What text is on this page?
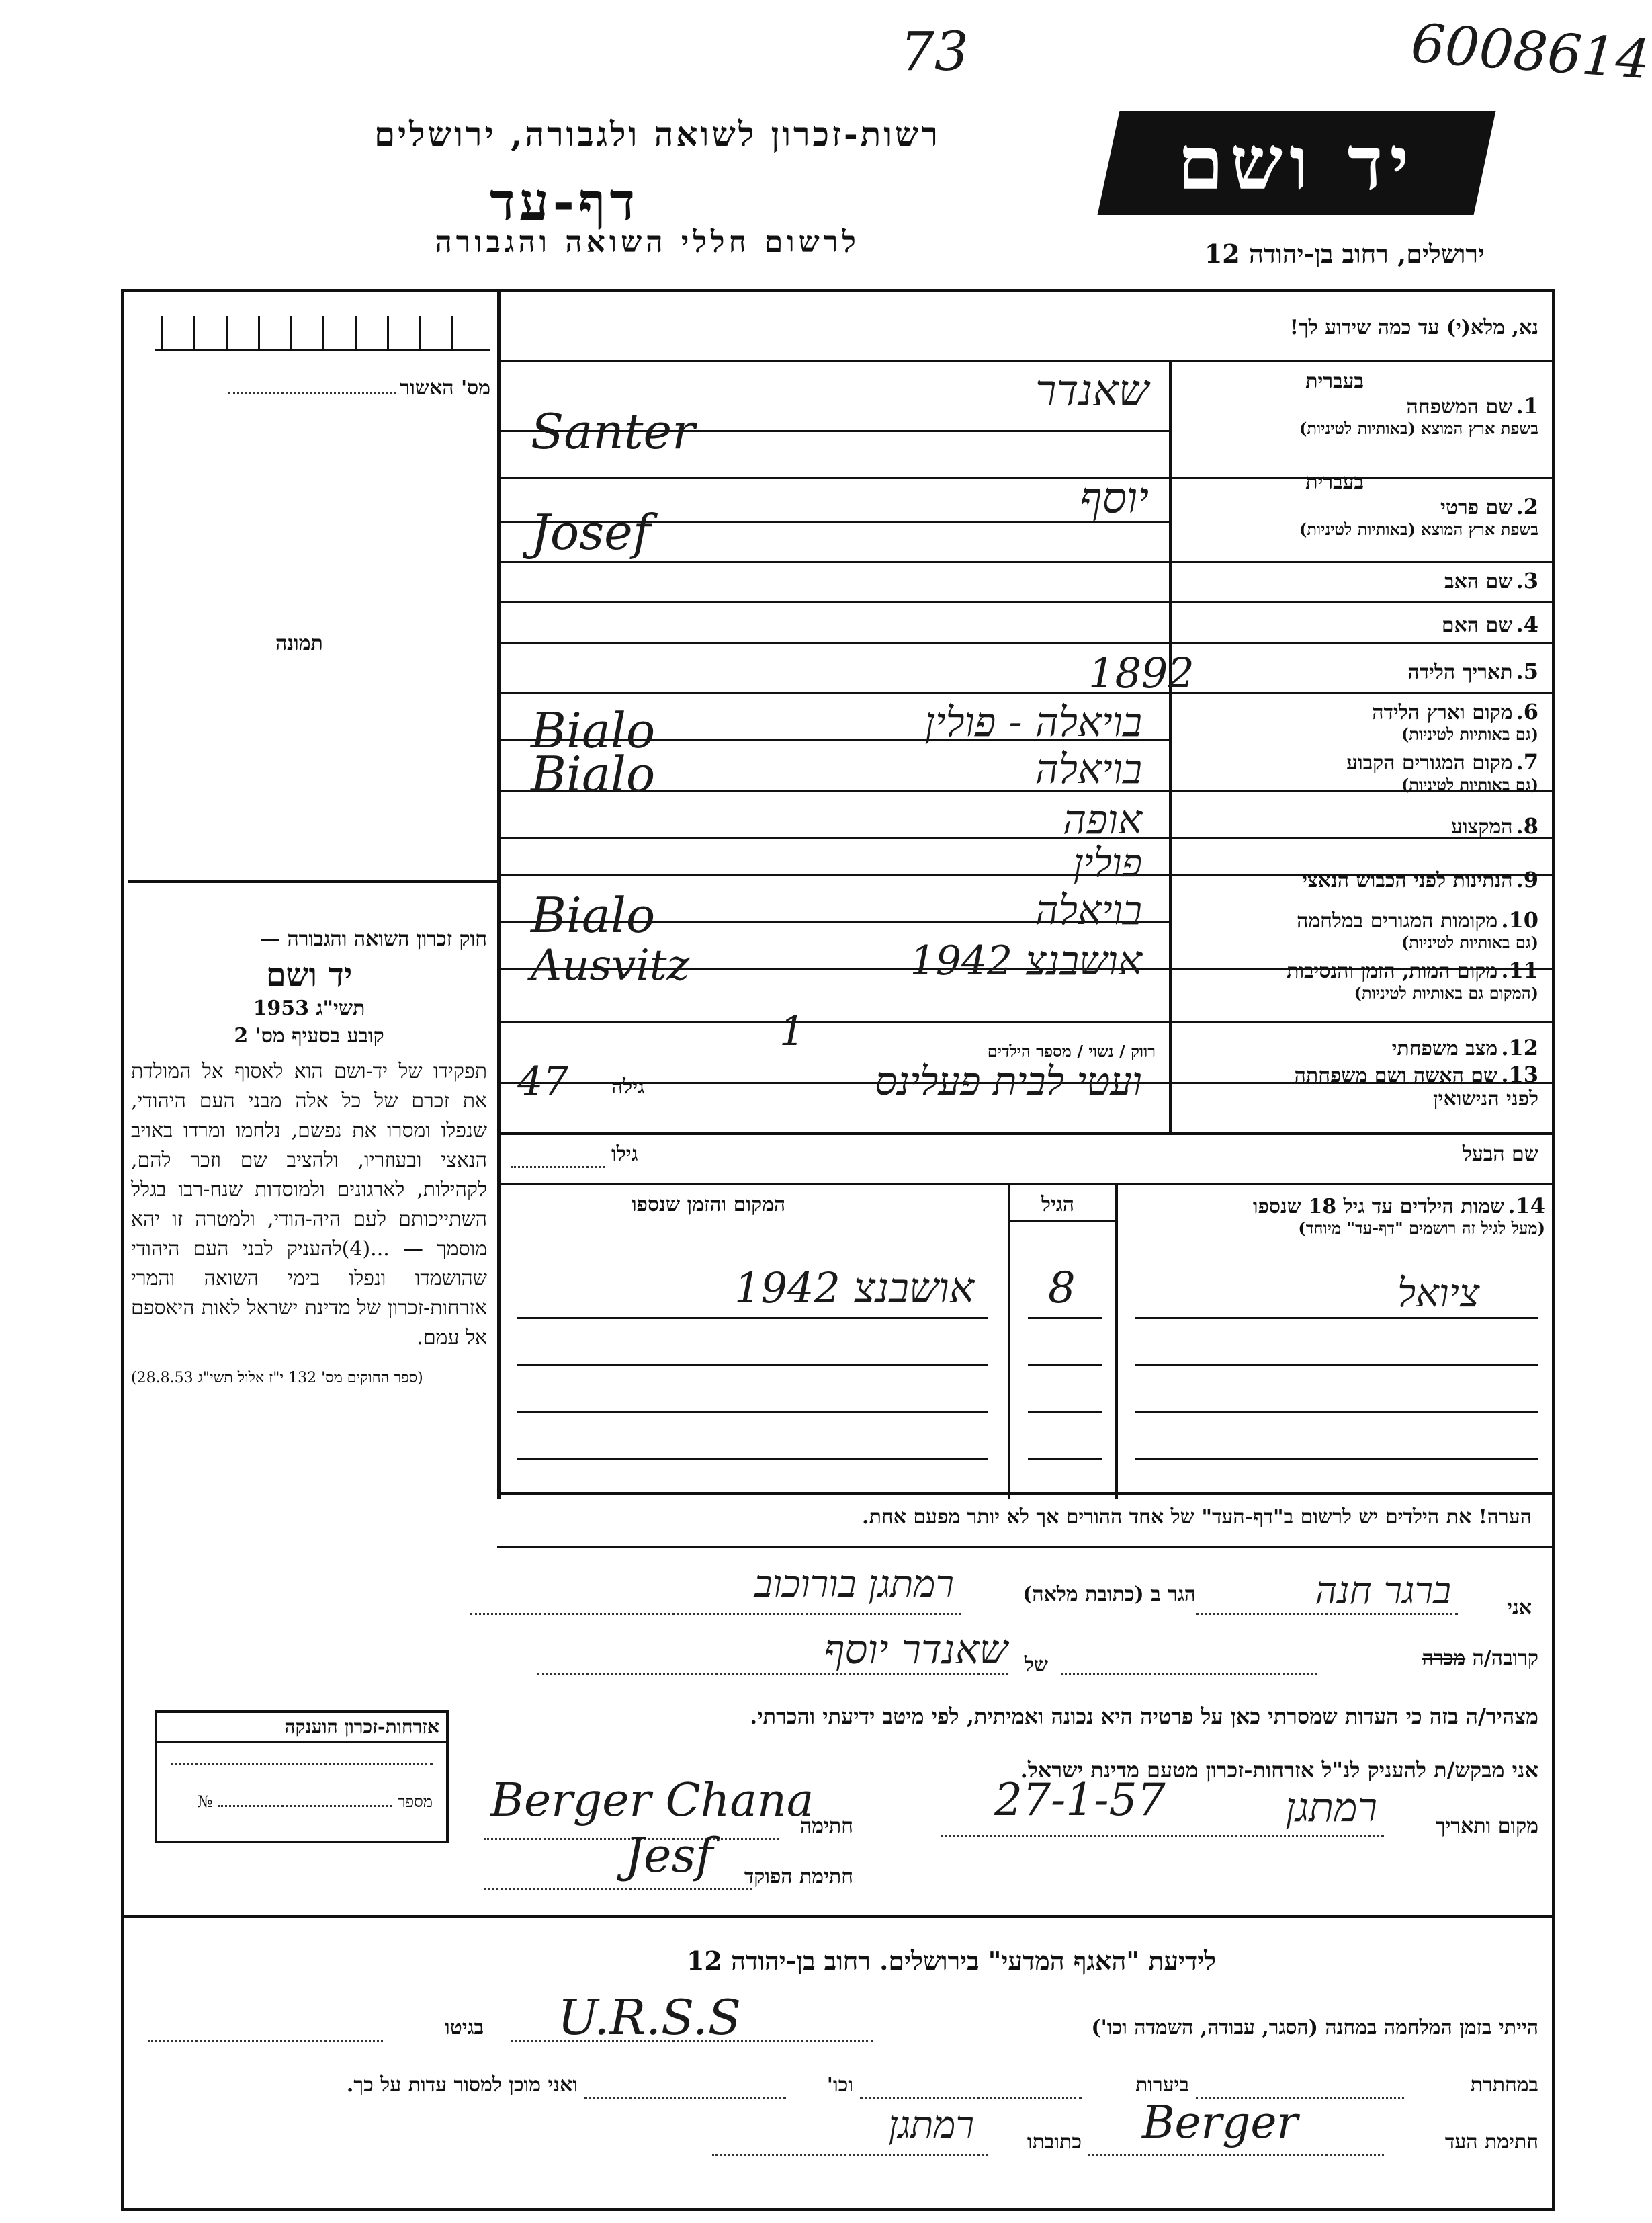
73	6008614
רשות-זכרון לשואה ולגבורה, ירושלים
דף-עד
לרשום חללי השואה והגבורה
יד ושם
ירושלים, רחוב בן-יהודה 12
נא, מלא(י) עד כמה שידוע לך!
מס' האשור
תמונה
חוק זכרון השואה והגבורה —
יד ושם
תשי"ג 1953
קובע בסעיף מס' 2
תפקידו של יד-ושם הוא לאסוף אל המולדת את זכרם של כל אלה מבני העם היהודי, שנפלו ומסרו את נפשם, נלחמו ומרדו באויב הנאצי ובעוזריו, ולהציב שם וזכר להם, לקהילות, לארגונים ולמוסדות שנח-רבו בגלל השתייכותם לעם היה-הודי, ולמטרה זו יהא מוסמך — ...(4)להעניק לבני העם היהודי שהושמדו ונפלו בימי השואה והמרי אזרחות-זכרון של מדינת ישראל לאות היאספם אל עמם.
(ספר החוקים מס' 132 י"ז אלול תשי"ג 28.8.53)
בעברית
1. שם המשפחה
בשפת ארץ המוצא (באותיות לטיניות)
שאנדר
Santer
בעברית
2. שם פרטי
בשפת ארץ המוצא (באותיות לטיניות)
יוסף
Josef
3. שם האב
4. שם האם
5. תאריך הלידה
1892
6. מקום וארץ הלידה
(גם באותיות לטיניות)
בויאלה - פולין
Bialo
7. מקום המגורים הקבוע
(גם באותיות לטיניות)
בויאלה
Bialo
8. המקצוע
אופה
9. הנתינות לפני הכבוש הנאצי
פולין
10. מקומות המגורים במלחמה
(גם באותיות לטיניות)
בויאלה
Bialo
11. מקום המות, הזמן והנסיבות
(המקום גם באותיות לטיניות)
אושבנצ 1942
Ausvitz
12. מצב משפחתי
רווק / נשוי / מספר הילדים
1
13. שם האשה ושם משפחתה
לפני הנישואין
ועטי לבית פעלינס
גילה
47
שם הבעל
גילו
14. שמות הילדים עד גיל 18 שנספו
(מעל לגיל זה רושמים "דף-עד" מיוחד)
הגיל
המקום והזמן שנספו
ציואל
8
אושבנצ 1942
הערה! את הילדים יש לרשום ב"דף-העד" של אחד ההורים אך לא יותר מפעם אחת.
אני
ברגר חנה
הגר ב (כתובת מלאה)
רמתגן בורוכוב
קרובה/ה מכרה
של
שאנדר יוסף
מצהיר/ה בזה כי העדות שמסרתי כאן על פרטיה היא נכונה ואמיתית, לפי מיטב ידיעתי והכרתי.
אני מבקש/ת להעניק לנ"ל אזרחות-זכרון מטעם מדינת ישראל.
אזרחות-זכרון הוענקה
מספר  №
מקום ותאריך
רמתגן
27-1-57
חתימה
Berger Chana
חתימת הפוקד
Jesf
לידיעת "האגף המדעי" בירושלים. רחוב בן-יהודה 12
הייתי בזמן המלחמה במחנה (הסגר, עבודה, השמדה וכו')
U.R.S.S
בגיטו
במחתרת
ביערות
וכו'
ואני מוכן למסור עדות על כך.
חתימת העד
Berger
כתובתו
רמתגן
